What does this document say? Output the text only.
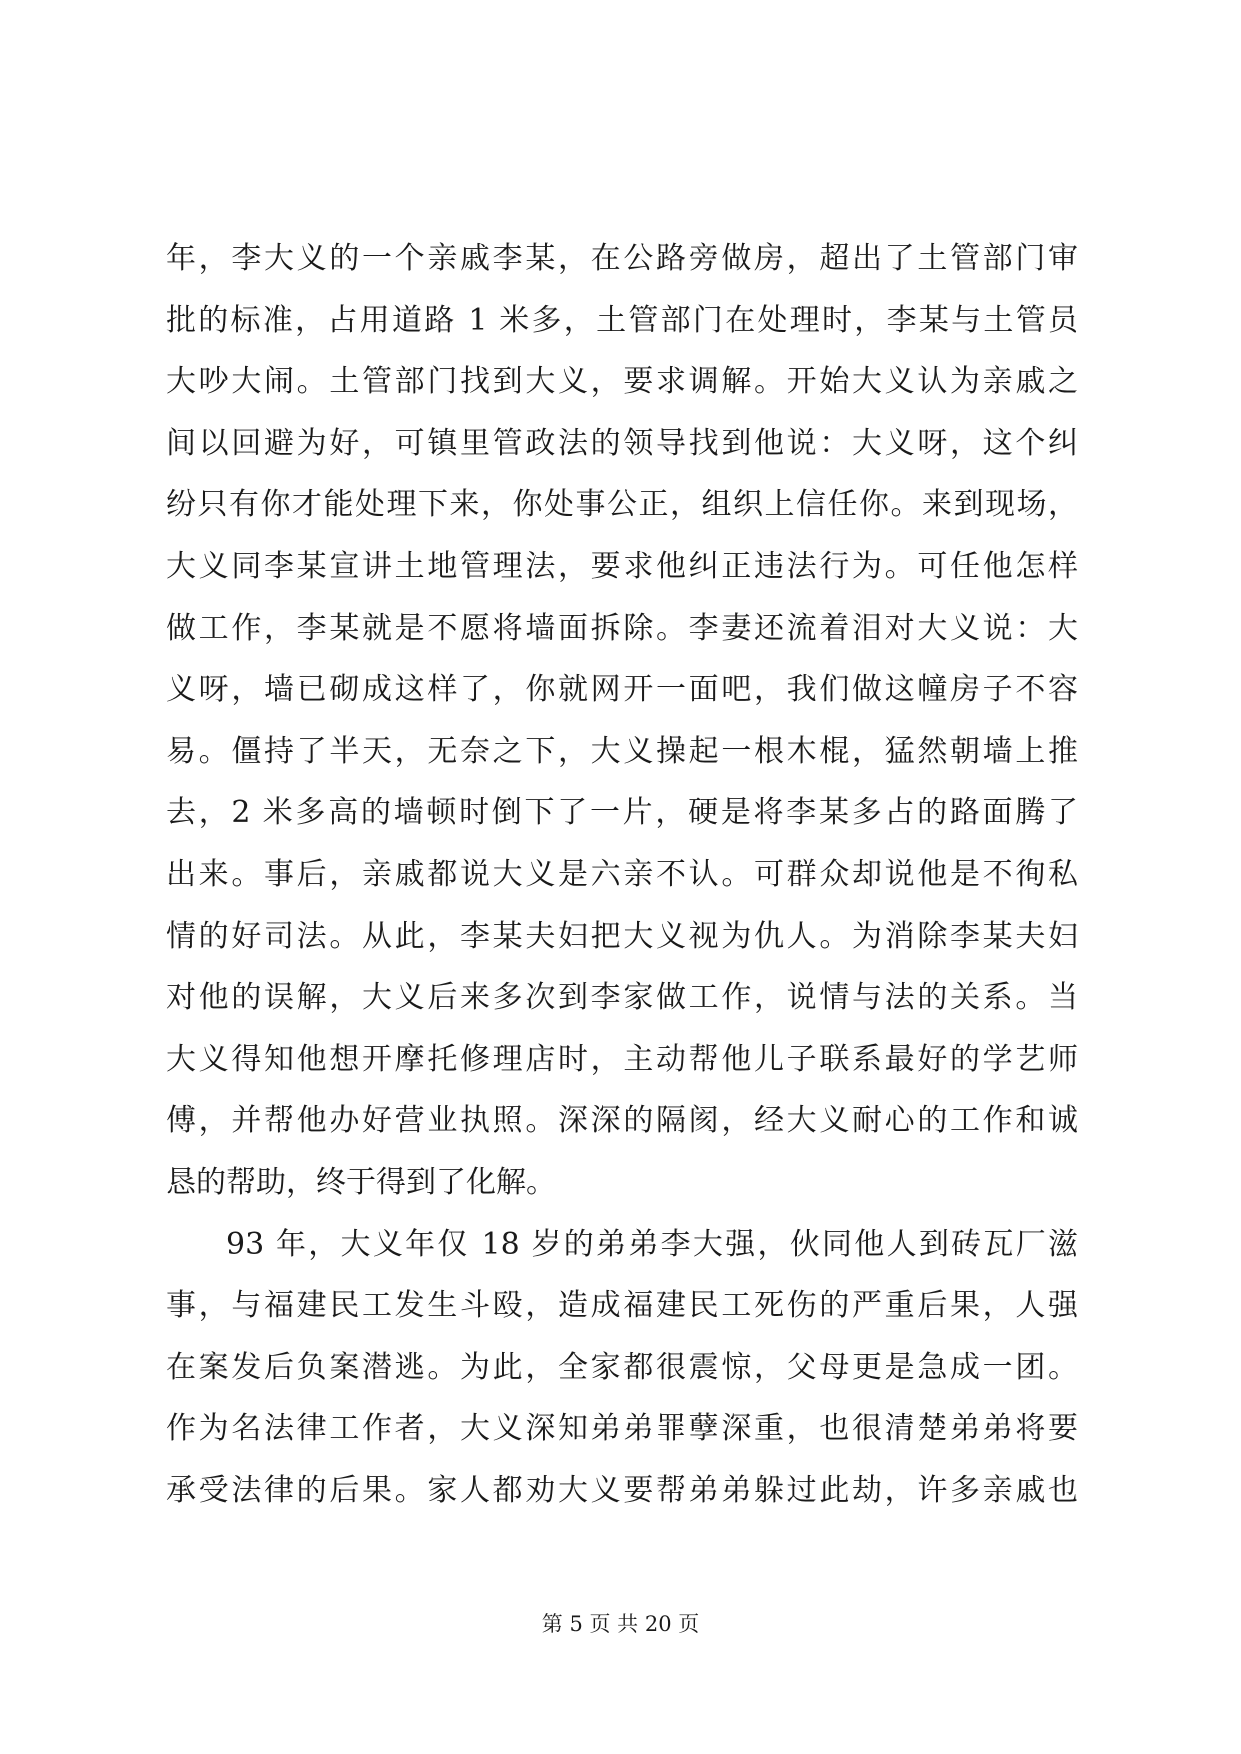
年，李大义的一个亲戚李某，在公路旁做房，超出了土管部门审
批的标准，占用道路 1 米多，土管部门在处理时，李某与土管员
大吵大闹。土管部门找到大义，要求调解。开始大义认为亲戚之
间以回避为好，可镇里管政法的领导找到他说：大义呀，这个纠
纷只有你才能处理下来，你处事公正，组织上信任你。来到现场，
大义同李某宣讲土地管理法，要求他纠正违法行为。可任他怎样
做工作，李某就是不愿将墙面拆除。李妻还流着泪对大义说：大
义呀，墙已砌成这样了，你就网开一面吧，我们做这幢房子不容
易。僵持了半天，无奈之下，大义操起一根木棍，猛然朝墙上推
去，2 米多高的墙顿时倒下了一片，硬是将李某多占的路面腾了
出来。事后，亲戚都说大义是六亲不认。可群众却说他是不徇私
情的好司法。从此，李某夫妇把大义视为仇人。为消除李某夫妇
对他的误解，大义后来多次到李家做工作，说情与法的关系。当
大义得知他想开摩托修理店时，主动帮他儿子联系最好的学艺师
傅，并帮他办好营业执照。深深的隔阂，经大义耐心的工作和诚
恳的帮助，终于得到了化解。
93 年，大义年仅 18 岁的弟弟李大强，伙同他人到砖瓦厂滋
事，与福建民工发生斗殴，造成福建民工死伤的严重后果，人强
在案发后负案潜逃。为此，全家都很震惊，父母更是急成一团。
作为名法律工作者，大义深知弟弟罪孽深重，也很清楚弟弟将要
承受法律的后果。家人都劝大义要帮弟弟躲过此劫，许多亲戚也
第 5 页 共 20 页
